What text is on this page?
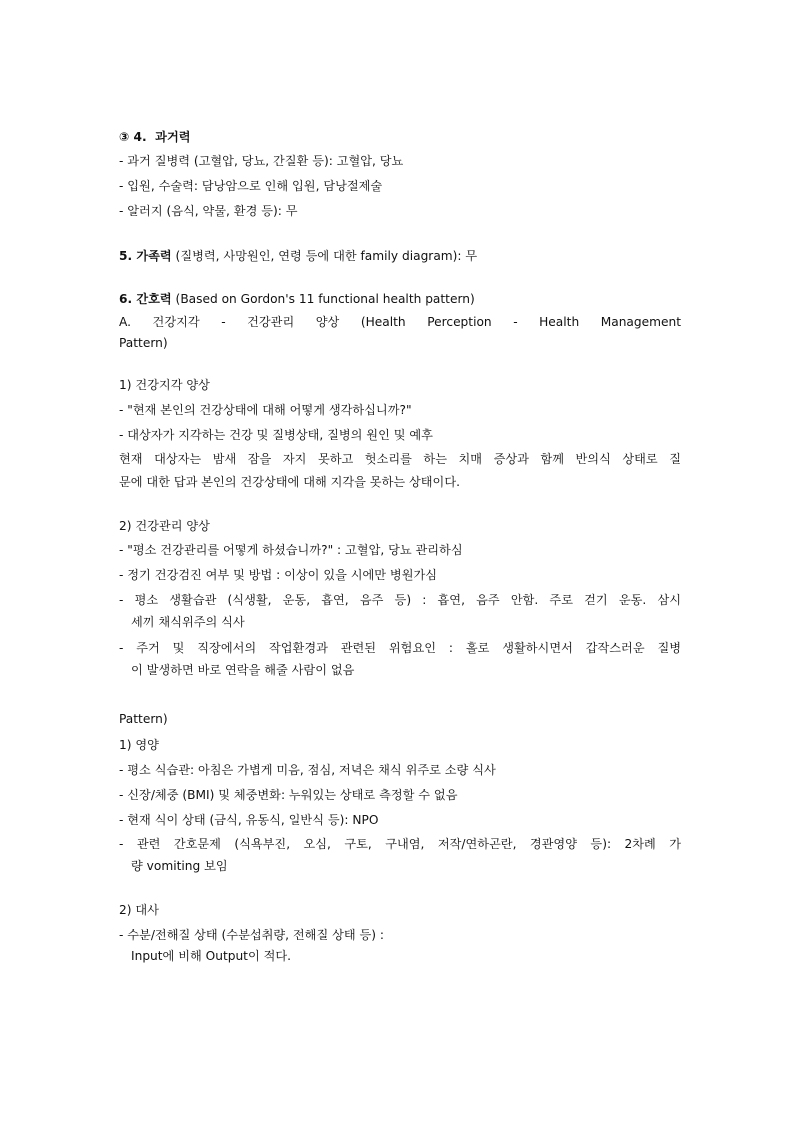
③ 4. 과거력
- 과거 질병력 (고혈압, 당뇨, 간질환 등): 고혈압, 당뇨
- 입원, 수술력: 담낭암으로 인해 입원, 담낭절제술
- 알러지 (음식, 약물, 환경 등): 무
5. 가족력 (질병력, 사망원인, 연령 등에 대한 family diagram): 무
6. 간호력 (Based on Gordon's 11 functional health pattern)
A. 건강지각 - 건강관리 양상 (Health Perception - Health Management
Pattern)
1) 건강지각 양상
- "현재 본인의 건강상태에 대해 어떻게 생각하십니까?"
- 대상자가 지각하는 건강 및 질병상태, 질병의 원인 및 예후
현재 대상자는 밤새 잠을 자지 못하고 헛소리를 하는 치매 증상과 함께 반의식 상태로 질
문에 대한 답과 본인의 건강상태에 대해 지각을 못하는 상태이다.
2) 건강관리 양상
- "평소 건강관리를 어떻게 하셨습니까?" : 고혈압, 당뇨 관리하심
- 정기 건강검진 여부 및 방법 : 이상이 있을 시에만 병원가심
- 평소 생활습관 (식생활, 운동, 흡연, 음주 등) : 흡연, 음주 안함. 주로 걷기 운동. 삼시
세끼 채식위주의 식사
- 주거 및 직장에서의 작업환경과 관련된 위험요인 : 홀로 생활하시면서 갑작스러운 질병
이 발생하면 바로 연락을 해줄 사람이 없음
Pattern)
1) 영양
- 평소 식습관: 아침은 가볍게 미음, 점심, 저녁은 채식 위주로 소량 식사
- 신장/체중 (BMI) 및 체중변화: 누워있는 상태로 측정할 수 없음
- 현재 식이 상태 (금식, 유동식, 일반식 등): NPO
- 관련 간호문제 (식욕부진, 오심, 구토, 구내염, 저작/연하곤란, 경관영양 등): 2차례 가
량 vomiting 보임
2) 대사
- 수분/전해질 상태 (수분섭취량, 전해질 상태 등) :
Input에 비해 Output이 적다.
